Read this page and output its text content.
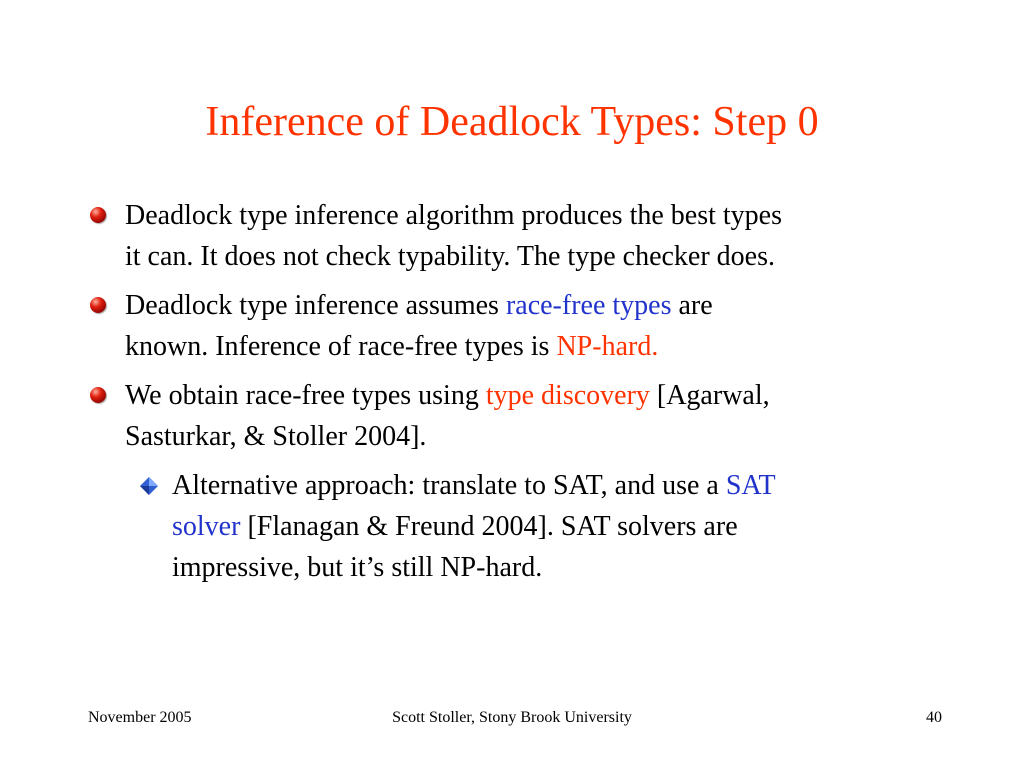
Inference of Deadlock Types: Step 0
Deadlock type inference algorithm produces the best types
it can. It does not check typability. The type checker does.
Deadlock type inference assumes race-free types are
known. Inference of race-free types is NP-hard.
We obtain race-free types using type discovery [Agarwal,
Sasturkar, & Stoller 2004].
Alternative approach: translate to SAT, and use a SAT
solver [Flanagan & Freund 2004]. SAT solvers are
impressive, but it’s still NP-hard.
November 2005	Scott Stoller, Stony Brook University	40
